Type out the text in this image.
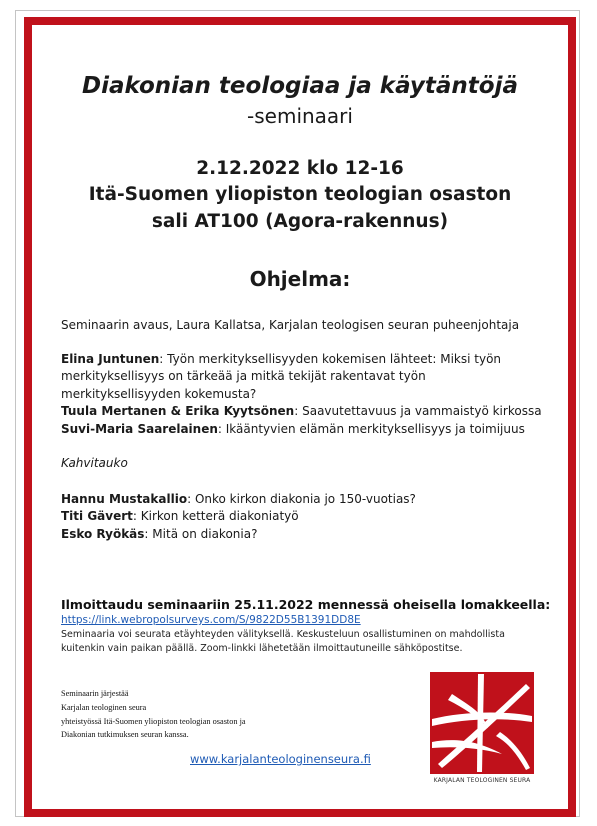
Diakonian teologiaa ja käytäntöjä
-seminaari
2.12.2022 klo 12-16
Itä-Suomen yliopiston teologian osaston
sali AT100 (Agora-rakennus)
Ohjelma:

Seminaarin avaus, Laura Kallatsa, Karjalan teologisen seuran puheenjohtaja

Elina Juntunen: Työn merkityksellisyyden kokemisen lähteet: Miksi työn

merkityksellisyys on tärkeää ja mitkä tekijät rakentavat työn

merkityksellisyyden kokemusta?

Tuula Mertanen & Erika Kyytsönen: Saavutettavuus ja vammaistyö kirkossa

Suvi-Maria Saarelainen: Ikääntyvien elämän merkityksellisyys ja toimijuus

Kahvitauko

Hannu Mustakallio: Onko kirkon diakonia jo 150-vuotias?

Titi Gävert: Kirkon ketterä diakoniatyö

Esko Ryökäs: Mitä on diakonia?

Ilmoittaudu seminaariin 25.11.2022 mennessä oheisella lomakkeella:
https://link.webropolsurveys.com/S/9822D55B1391DD8E

Seminaaria voi seurata etäyhteyden välityksellä. Keskusteluun osallistuminen on mahdollista

kuitenkin vain paikan päällä. Zoom-linkki lähetetään ilmoittautuneille sähköpostitse.

Seminaarin järjestää

Karjalan teologinen seura

yhteistyössä Itä-Suomen yliopiston teologian osaston ja

Diakonian tutkimuksen seuran kanssa.

www.karjalanteologinenseura.fi
KARJALAN TEOLOGINEN SEURA
